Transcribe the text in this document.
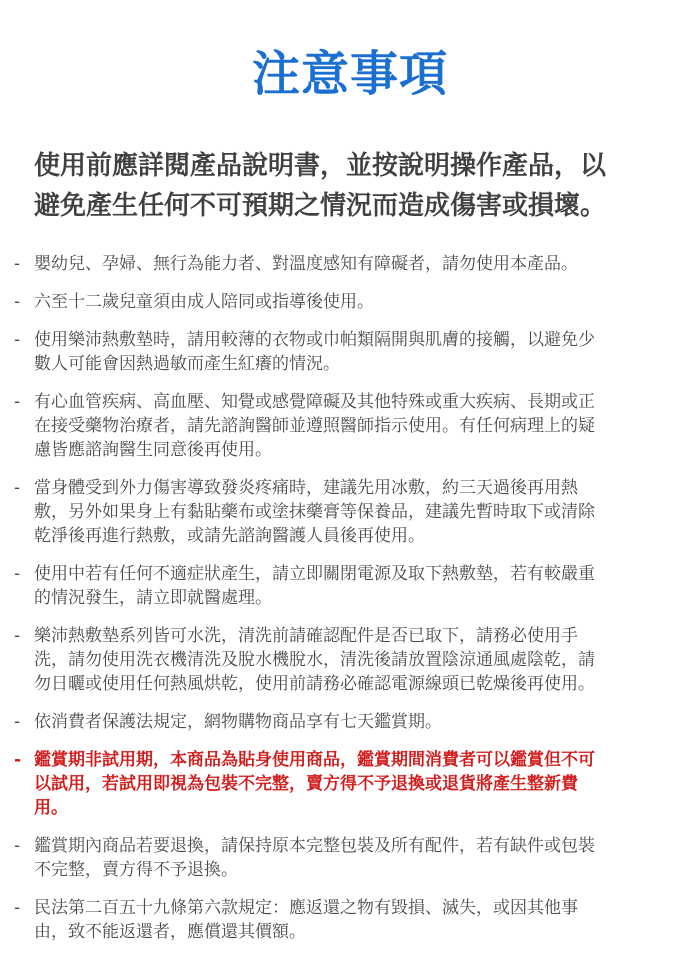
注意事項
使用前應詳閱產品說明書，並按說明操作產品，以
避免產生任何不可預期之情況而造成傷害或損壞。
- 嬰幼兒、孕婦、無行為能力者、對溫度感知有障礙者，請勿使用本產品。
- 六至十二歲兒童須由成人陪同或指導後使用。
- 使用樂沛熱敷墊時，請用較薄的衣物或巾帕類隔開與肌膚的接觸，以避免少
數人可能會因熱過敏而產生紅癢的情況。
- 有心血管疾病、高血壓、知覺或感覺障礙及其他特殊或重大疾病、長期或正
在接受藥物治療者，請先諮詢醫師並遵照醫師指示使用。有任何病理上的疑
慮皆應諮詢醫生同意後再使用。
- 當身體受到外力傷害導致發炎疼痛時，建議先用冰敷，約三天過後再用熱
敷，另外如果身上有黏貼藥布或塗抹藥膏等保養品，建議先暫時取下或清除
乾淨後再進行熱敷，或請先諮詢醫護人員後再使用。
- 使用中若有任何不適症狀產生，請立即關閉電源及取下熱敷墊，若有較嚴重
的情況發生，請立即就醫處理。
- 樂沛熱敷墊系列皆可水洗，清洗前請確認配件是否已取下，請務必使用手
洗，請勿使用洗衣機清洗及脫水機脫水，清洗後請放置陰涼通風處陰乾，請
勿日曬或使用任何熱風烘乾，使用前請務必確認電源線頭已乾燥後再使用。
- 依消費者保護法規定，網物購物商品享有七天鑑賞期。
- 鑑賞期非試用期，本商品為貼身使用商品，鑑賞期間消費者可以鑑賞但不可
以試用，若試用即視為包裝不完整，賣方得不予退換或退貨將產生整新費
用。
- 鑑賞期內商品若要退換，請保持原本完整包裝及所有配件，若有缺件或包裝
不完整，賣方得不予退換。
- 民法第二百五十九條第六款規定：應返還之物有毀損、滅失，或因其他事
由，致不能返還者，應償還其價額。
